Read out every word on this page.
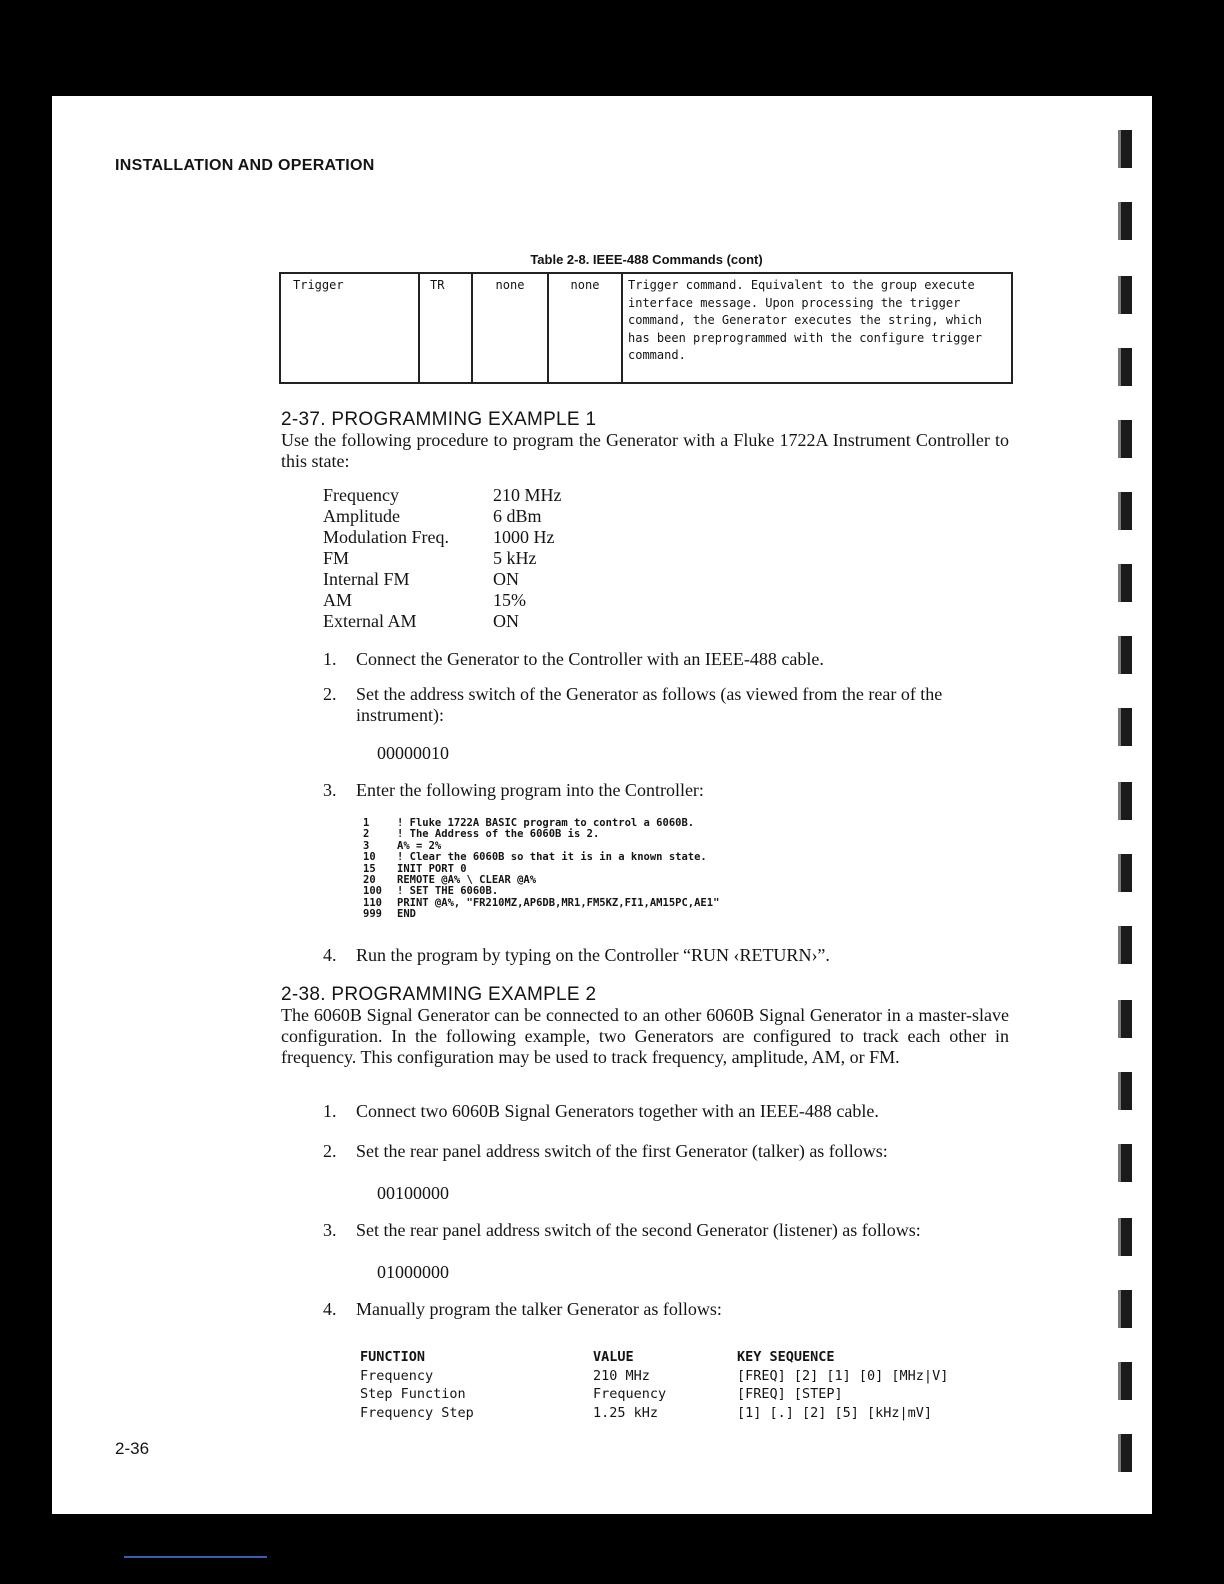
INSTALLATION AND OPERATION
Table 2-8. IEEE-488 Commands (cont)
Trigger	TR	none	none	Trigger command. Equivalent to the group execute interface message. Upon processing the trigger command, the Generator executes the string, which has been preprogrammed with the configure trigger command.
2-37. PROGRAMMING EXAMPLE 1
Use the following procedure to program the Generator with a Fluke 1722A Instrument Controller to this state:
Frequency	210 MHz
Amplitude	6 dBm
Modulation Freq.	1000 Hz
FM	5 kHz
Internal FM	ON
AM	15%
External AM	ON
1.	Connect the Generator to the Controller with an IEEE-488 cable.
2.	Set the address switch of the Generator as follows (as viewed from the rear of the instrument):
00000010
3.	Enter the following program into the Controller:
1	! Fluke 1722A BASIC program to control a 6060B.
2	! The Address of the 6060B is 2.
3	A% = 2%
10	! Clear the 6060B so that it is in a known state.
15	INIT PORT 0
20	REMOTE @A% \ CLEAR @A%
100	! SET THE 6060B.
110	PRINT @A%, "FR210MZ,AP6DB,MR1,FM5KZ,FI1,AM15PC,AE1"
999	END
4.	Run the program by typing on the Controller “RUN ‹RETURN›”.
2-38. PROGRAMMING EXAMPLE 2
The 6060B Signal Generator can be connected to an other 6060B Signal Generator in a master-slave configuration. In the following example, two Generators are configured to track each other in frequency. This configuration may be used to track frequency, amplitude, AM, or FM.
1.	Connect two 6060B Signal Generators together with an IEEE-488 cable.
2.	Set the rear panel address switch of the first Generator (talker) as follows:
00100000
3.	Set the rear panel address switch of the second Generator (listener) as follows:
01000000
4.	Manually program the talker Generator as follows:
FUNCTION	VALUE	KEY SEQUENCE
Frequency	210 MHz	[FREQ] [2] [1] [0] [MHz|V]
Step Function	Frequency	[FREQ] [STEP]
Frequency Step	1.25 kHz	[1] [.] [2] [5] [kHz|mV]
2-36
